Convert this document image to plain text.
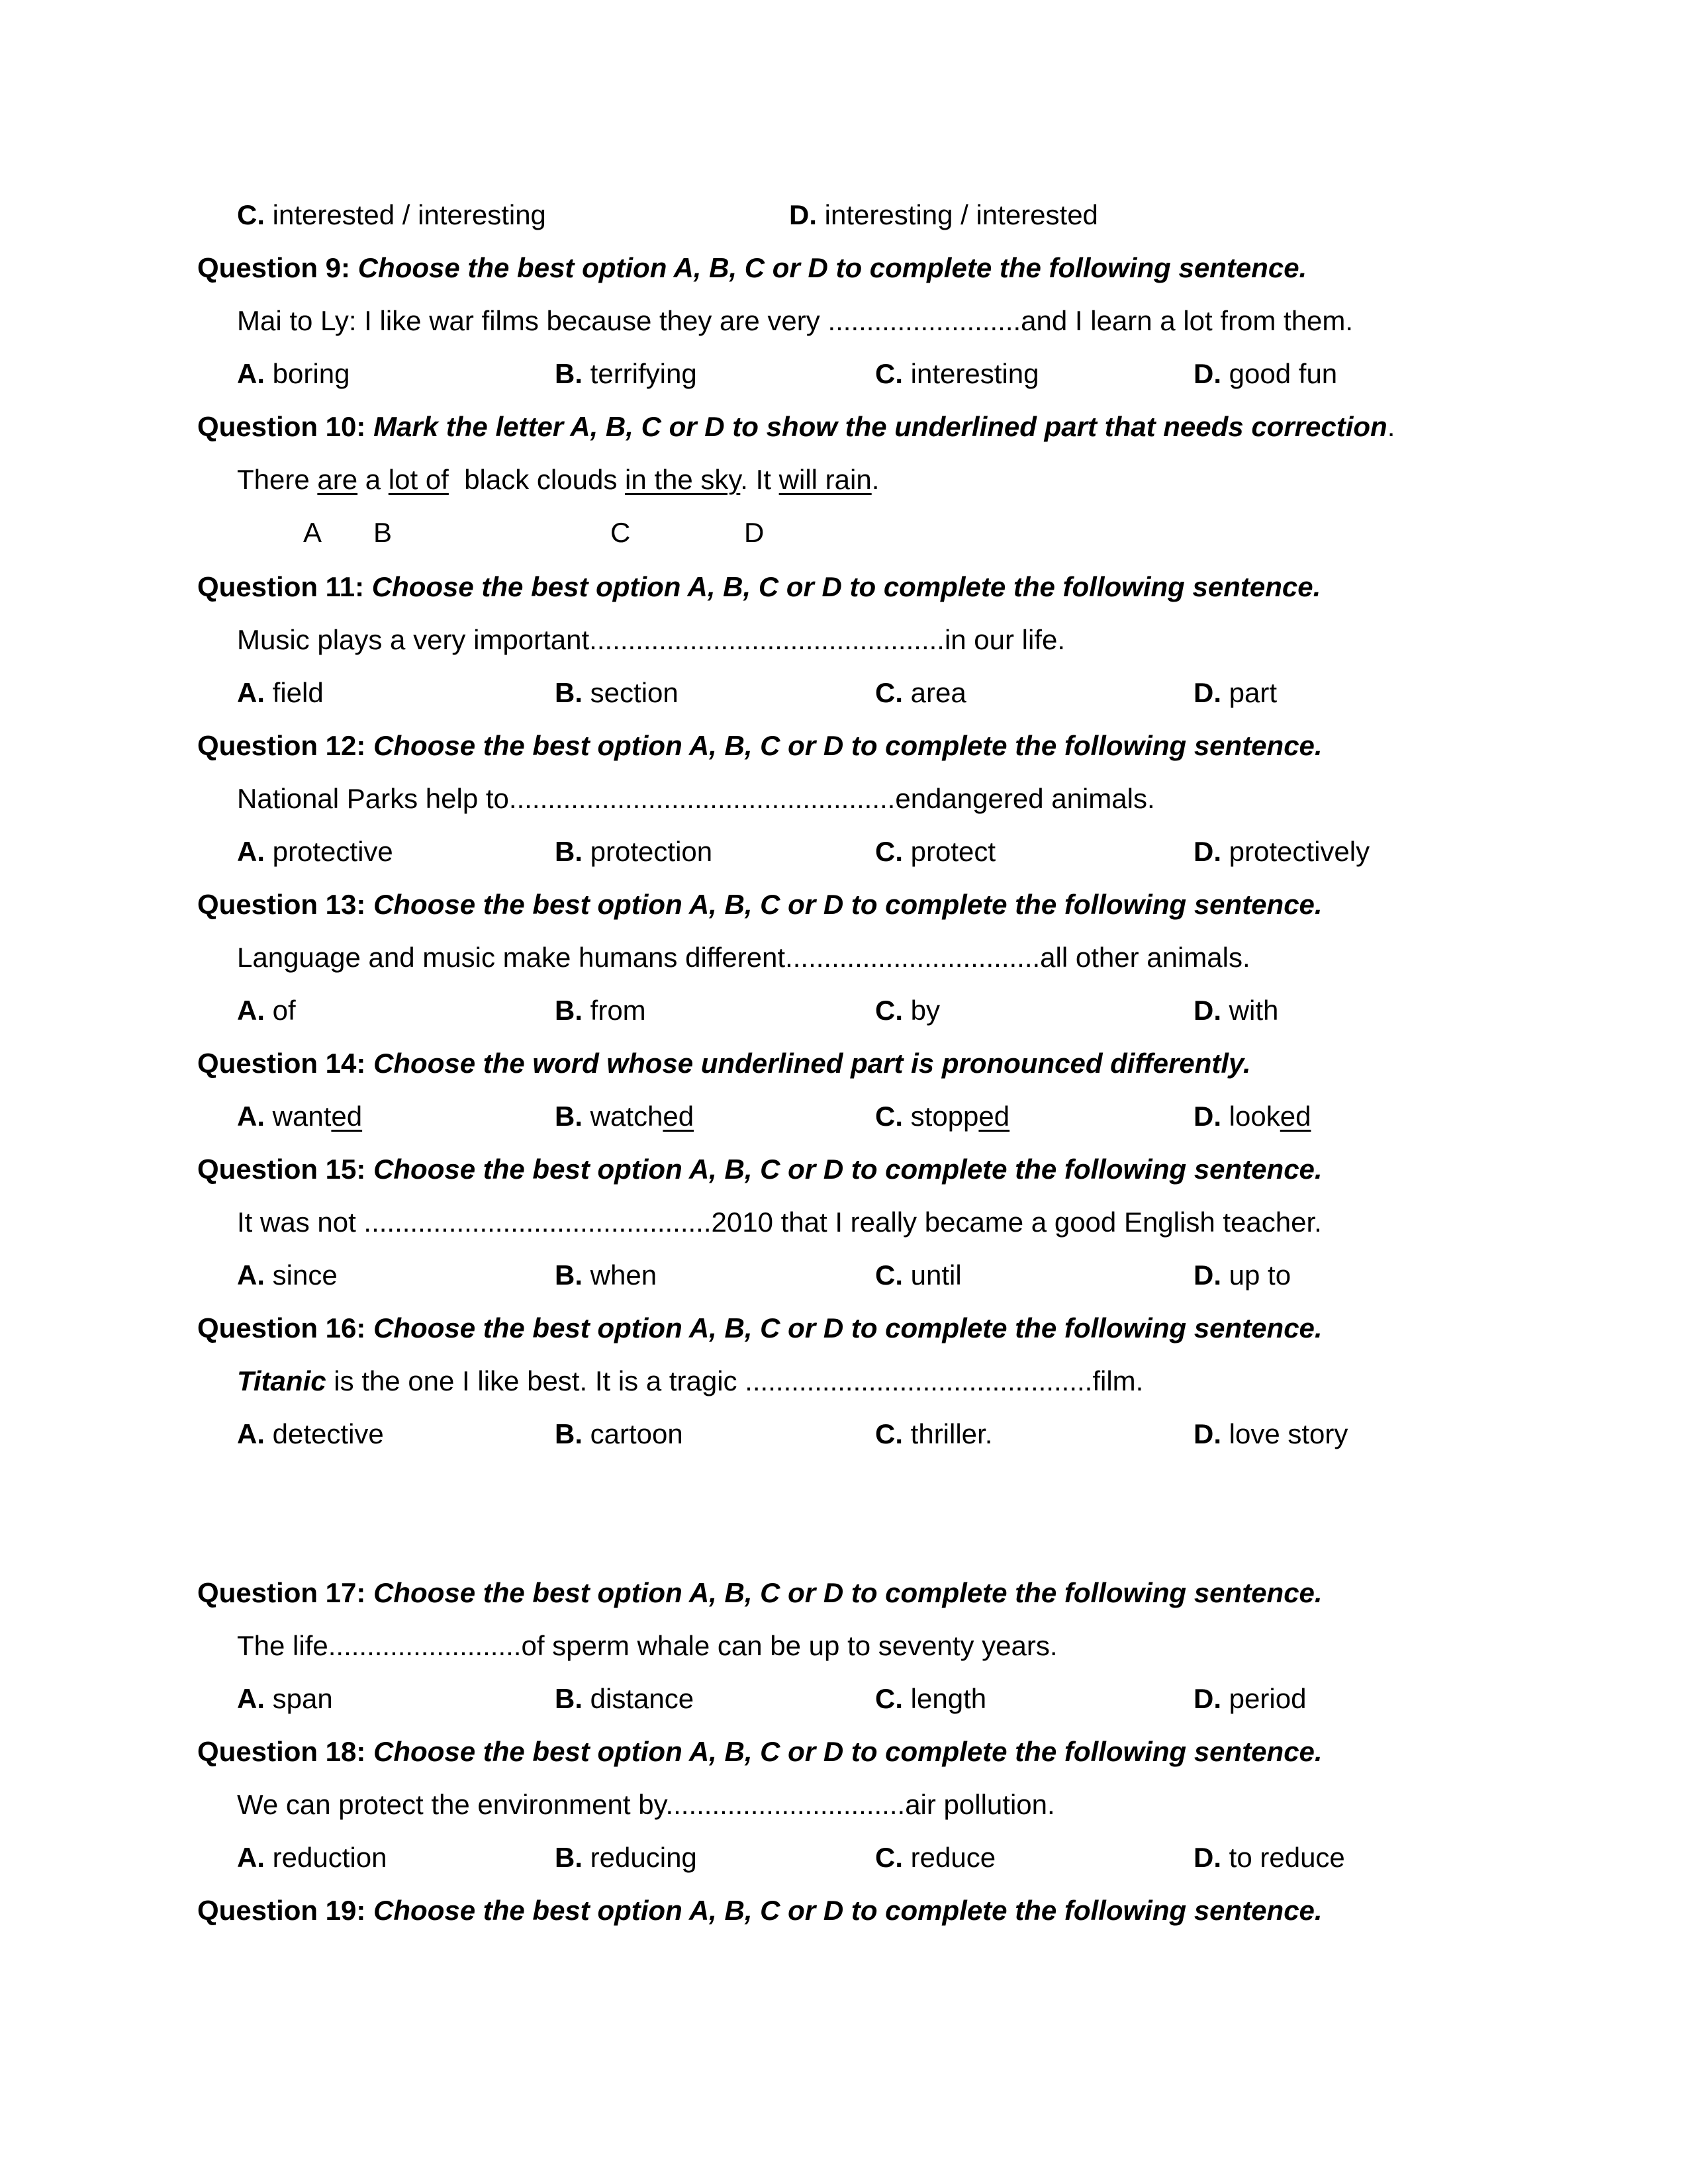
C. interested / interesting	D. interesting / interested
Question 9: Choose the best option A, B, C or D to complete the following sentence.
Mai to Ly: I like war films because they are very .........................and I learn a lot from them.
A. boring	B. terrifying	C. interesting	D. good fun
Question 10: Mark the letter A, B, C or D to show the underlined part that needs correction.
There are a lot of  black clouds in the sky. It will rain.
A B	C	D
Question 11: Choose the best option A, B, C or D to complete the following sentence.
Music plays a very important..............................................in our life.
A. field	B. section	C. area	D. part
Question 12: Choose the best option A, B, C or D to complete the following sentence.
National Parks help to..................................................endangered animals.
A. protective	B. protection	C. protect	D. protectively
Question 13: Choose the best option A, B, C or D to complete the following sentence.
Language and music make humans different.................................all other animals.
A. of	B. from	C. by	D. with
Question 14: Choose the word whose underlined part is pronounced differently.
A. wanted	B. watched	C. stopped	D. looked
Question 15: Choose the best option A, B, C or D to complete the following sentence.
It was not .............................................2010 that I really became a good English teacher.
A. since	B. when	C. until	D. up to
Question 16: Choose the best option A, B, C or D to complete the following sentence.
Titanic is the one I like best. It is a tragic .............................................film.
A. detective	B. cartoon	C. thriller.	D. love story
Question 17: Choose the best option A, B, C or D to complete the following sentence.
The life.........................of sperm whale can be up to seventy years.
A. span	B. distance	C. length	D. period
Question 18: Choose the best option A, B, C or D to complete the following sentence.
We can protect the environment by...............................air pollution.
A. reduction	B. reducing	C. reduce	D. to reduce
Question 19: Choose the best option A, B, C or D to complete the following sentence.
